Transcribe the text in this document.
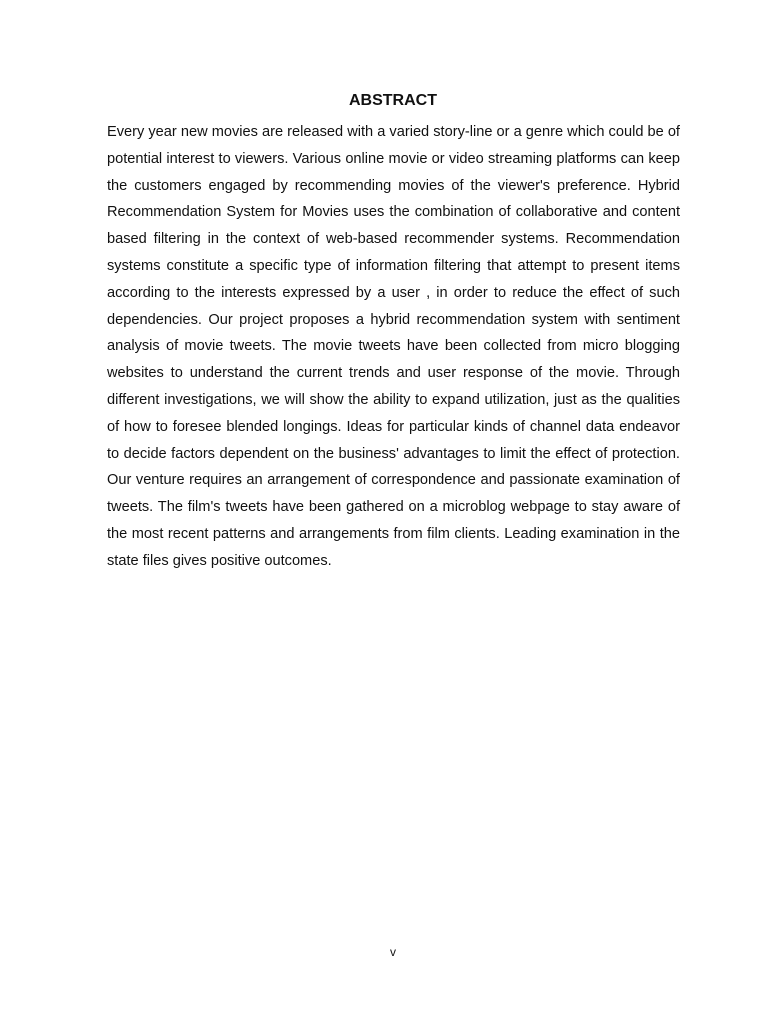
ABSTRACT

Every year new movies are released with a varied story-line or a genre which could be of potential interest to viewers. Various online movie or video streaming platforms can keep the customers engaged by recommending movies of the viewer's preference. Hybrid Recommendation System for Movies uses the combination of collaborative and content based filtering in the context of web-based recommender systems. Recommendation systems constitute a specific type of information filtering that attempt to present items according to the interests expressed by a user , in order to reduce the effect of such dependencies. Our project proposes a hybrid recommendation system with sentiment analysis of movie tweets. The movie tweets have been collected from micro blogging websites to understand the current trends and user response of the movie. Through different investigations, we will show the ability to expand utilization, just as the qualities of how to foresee blended longings. Ideas for particular kinds of channel data endeavor to decide factors dependent on the business' advantages to limit the effect of protection. Our venture requires an arrangement of correspondence and passionate examination of tweets. The film's tweets have been gathered on a microblog webpage to stay aware of the most recent patterns and arrangements from film clients. Leading examination in the state files gives positive outcomes.

v
